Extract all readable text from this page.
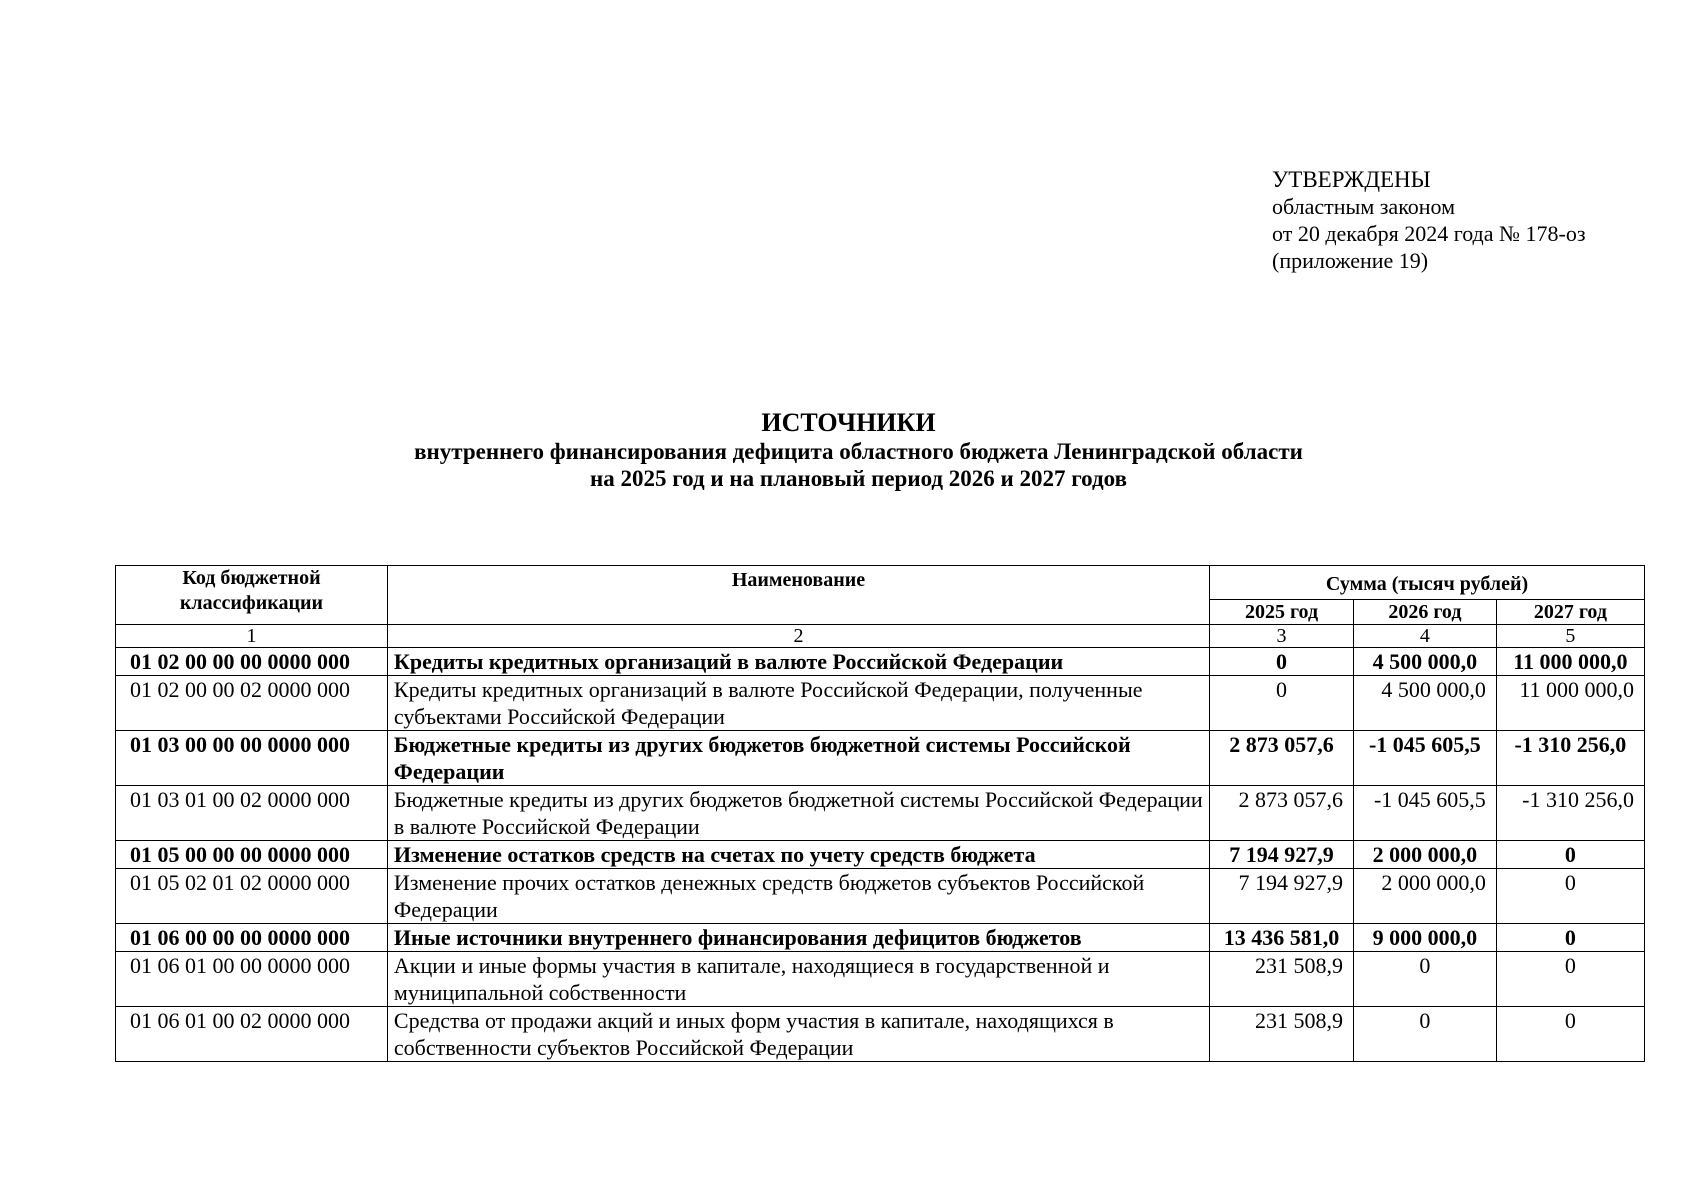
УТВЕРЖДЕНЫ
областным законом
от 20 декабря 2024 года № 178-оз
(приложение 19)
ИСТОЧНИКИ
внутреннего финансирования дефицита областного бюджета Ленинградской области
на 2025 год и на плановый период 2026 и 2027 годов
Код бюджетной классификации	Наименование	Сумма (тысяч рублей)		
		2025 год	2026 год	2027 год
1	2	3	4	5
01 02 00 00 00 0000 000	Кредиты кредитных организаций в валюте Российской Федерации	0	4 500 000,0	11 000 000,0
01 02 00 00 02 0000 000	Кредиты кредитных организаций в валюте Российской Федерации, полученные субъектами Российской Федерации	0	4 500 000,0	11 000 000,0
01 03 00 00 00 0000 000	Бюджетные кредиты из других бюджетов бюджетной системы Российской Федерации	2 873 057,6	-1 045 605,5	-1 310 256,0
01 03 01 00 02 0000 000	Бюджетные кредиты из других бюджетов бюджетной системы Российской Федерации в валюте Российской Федерации	2 873 057,6	-1 045 605,5	-1 310 256,0
01 05 00 00 00 0000 000	Изменение остатков средств на счетах по учету средств бюджета	7 194 927,9	2 000 000,0	0
01 05 02 01 02 0000 000	Изменение прочих остатков денежных средств бюджетов субъектов Российской Федерации	7 194 927,9	2 000 000,0	0
01 06 00 00 00 0000 000	Иные источники внутреннего финансирования дефицитов бюджетов	13 436 581,0	9 000 000,0	0
01 06 01 00 00 0000 000	Акции и иные формы участия в капитале, находящиеся в государственной и муниципальной собственности	231 508,9	0	0
01 06 01 00 02 0000 000	Средства от продажи акций и иных форм участия в капитале, находящихся в собственности субъектов Российской Федерации	231 508,9	0	0
